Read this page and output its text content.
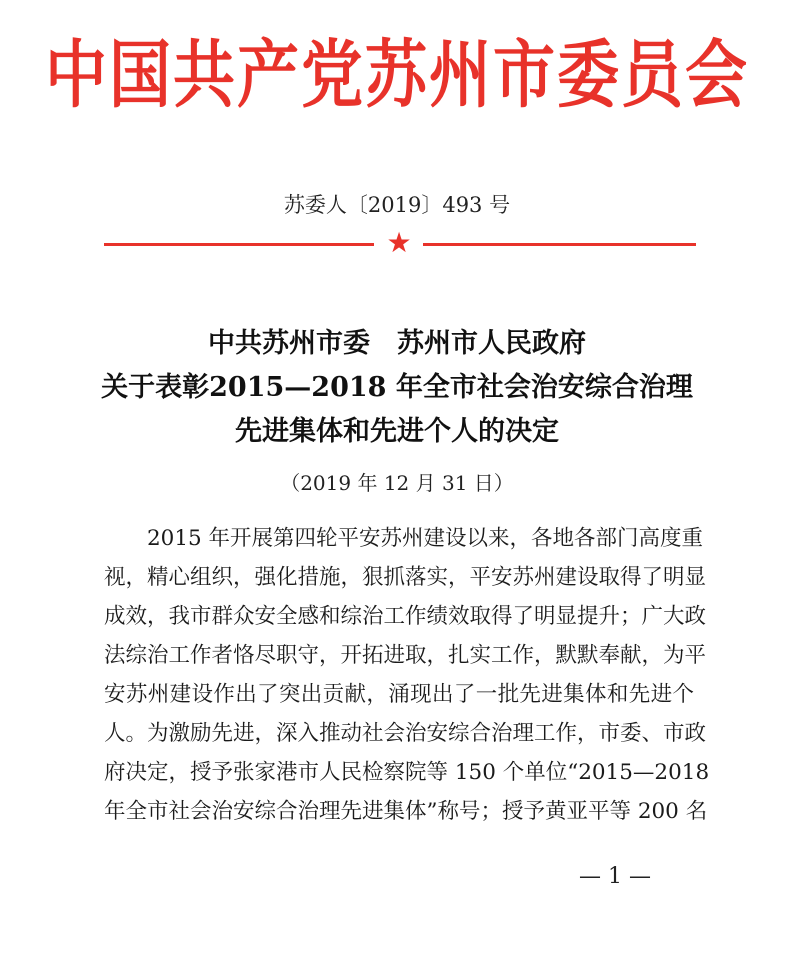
中国共产党苏州市委员会
苏委人〔2019〕493 号
★
中共苏州市委　苏州市人民政府
关于表彰2015—2018 年全市社会治安综合治理
先进集体和先进个人的决定
（2019 年 12 月 31 日）
2015 年开展第四轮平安苏州建设以来，各地各部门高度重
视，精心组织，强化措施，狠抓落实，平安苏州建设取得了明显
成效，我市群众安全感和综治工作绩效取得了明显提升；广大政
法综治工作者恪尽职守，开拓进取，扎实工作，默默奉献，为平
安苏州建设作出了突出贡献，涌现出了一批先进集体和先进个
人。为激励先进，深入推动社会治安综合治理工作，市委、市政
府决定，授予张家港市人民检察院等 150 个单位“2015—2018
年全市社会治安综合治理先进集体”称号；授予黄亚平等 200 名
— 1 —
